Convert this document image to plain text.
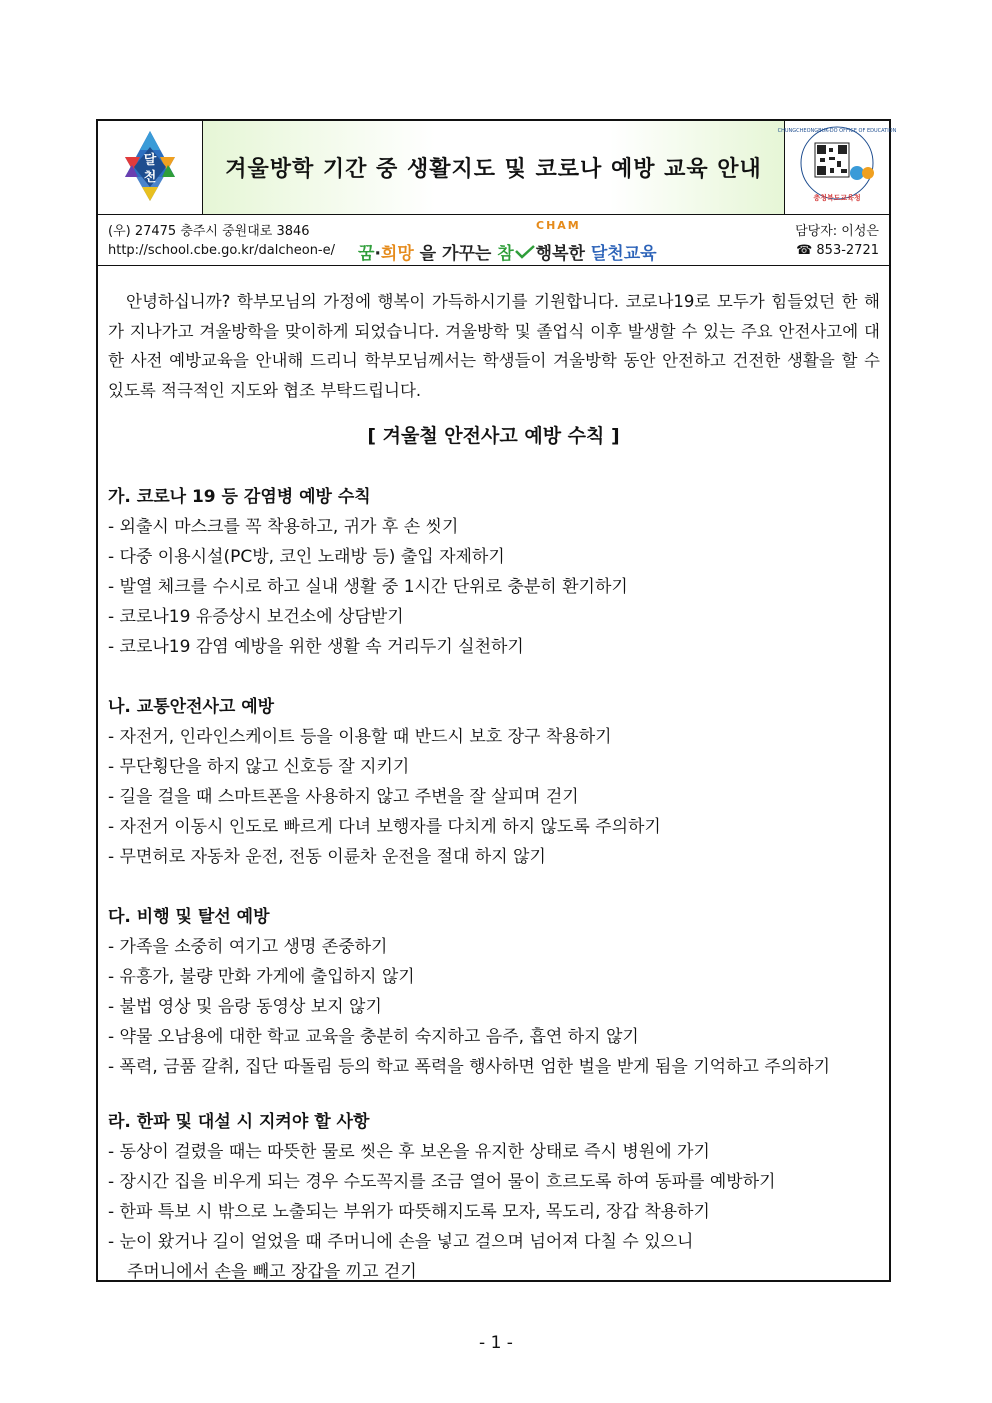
달
천	겨울방학 기간 중 생활지도 및 코로나 예방 교육 안내
CHUNGCHEONGBUK-DO OFFICE OF EDUCATION
충청북도교육청
(우) 27475 충주시 중원대로 3846
http://school.cbe.go.kr/dalcheon-e/
CHAM
꿈·희망 을 가꾸는 참 행복한 달천교육
담당자: 이성은
☎ 853-2721
안녕하십니까? 학부모님의 가정에 행복이 가득하시기를 기원합니다. 코로나19로 모두가 힘들었던 한 해가 지나가고 겨울방학을 맞이하게 되었습니다. 겨울방학 및 졸업식 이후 발생할 수 있는 주요 안전사고에 대한 사전 예방교육을 안내해 드리니 학부모님께서는 학생들이 겨울방학 동안 안전하고 건전한 생활을 할 수 있도록 적극적인 지도와 협조 부탁드립니다.
[ 겨울철 안전사고 예방 수칙 ]
가. 코로나 19 등 감염병 예방 수칙
- 외출시 마스크를 꼭 착용하고, 귀가 후 손 씻기
- 다중 이용시설(PC방, 코인 노래방 등) 출입 자제하기
- 발열 체크를 수시로 하고 실내 생활 중 1시간 단위로 충분히 환기하기
- 코로나19 유증상시 보건소에 상담받기
- 코로나19 감염 예방을 위한 생활 속 거리두기 실천하기
나. 교통안전사고 예방
- 자전거, 인라인스케이트 등을 이용할 때 반드시 보호 장구 착용하기
- 무단횡단을 하지 않고 신호등 잘 지키기
- 길을 걸을 때 스마트폰을 사용하지 않고 주변을 잘 살피며 걷기
- 자전거 이동시 인도로 빠르게 다녀 보행자를 다치게 하지 않도록 주의하기
- 무면허로 자동차 운전, 전동 이륜차 운전을 절대 하지 않기
다. 비행 및 탈선 예방
- 가족을 소중히 여기고 생명 존중하기
- 유흥가, 불량 만화 가게에 출입하지 않기
- 불법 영상 및 음랑 동영상 보지 않기
- 약물 오남용에 대한 학교 교육을 충분히 숙지하고 음주, 흡연 하지 않기
- 폭력, 금품 갈취, 집단 따돌림 등의 학교 폭력을 행사하면 엄한 벌을 받게 됨을 기억하고 주의하기
라. 한파 및 대설 시 지켜야 할 사항
- 동상이 걸렸을 때는 따뜻한 물로 씻은 후 보온을 유지한 상태로 즉시 병원에 가기
- 장시간 집을 비우게 되는 경우 수도꼭지를 조금 열어 물이 흐르도록 하여 동파를 예방하기
- 한파 특보 시 밖으로 노출되는 부위가 따뜻해지도록 모자, 목도리, 장갑 착용하기
- 눈이 왔거나 길이 얼었을 때 주머니에 손을 넣고 걸으며 넘어져 다칠 수 있으니
주머니에서 손을 빼고 장갑을 끼고 걷기
- 1 -
